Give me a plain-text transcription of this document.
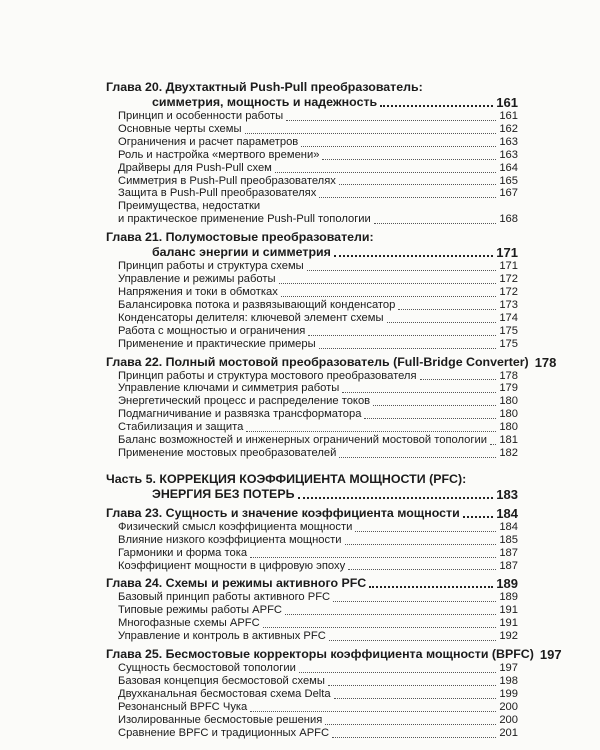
Глава 20. Двухтактный Push-Pull преобразователь:
симметрия, мощность и надежность	161
Принцип и особенности работы	161
Основные черты схемы	162
Ограничения и расчет параметров	163
Роль и настройка «мертвого времени»	163
Драйверы для Push-Pull схем	164
Симметрия в Push-Pull преобразователях	165
Защита в Push-Pull преобразователях	167
Преимущества, недостатки
и практическое применение Push-Pull топологии	168
Глава 21. Полумостовые преобразователи:
баланс энергии и симметрия	171
Принцип работы и структура схемы	171
Управление и режимы работы	172
Напряжения и токи в обмотках	172
Балансировка потока и развязывающий конденсатор	173
Конденсаторы делителя: ключевой элемент схемы	174
Работа с мощностью и ограничения	175
Применение и практические примеры	175
Глава 22. Полный мостовой преобразователь (Full-Bridge Converter) 178
Принцип работы и структура мостового преобразователя	178
Управление ключами и симметрия работы	179
Энергетический процесс и распределение токов	180
Подмагничивание и развязка трансформатора	180
Стабилизация и защита	180
Баланс возможностей и инженерных ограничений мостовой топологии 181
Применение мостовых преобразователей	182
Часть 5. КОРРЕКЦИЯ КОЭФФИЦИЕНТА МОЩНОСТИ (PFC):
ЭНЕРГИЯ БЕЗ ПОТЕРЬ	183
Глава 23. Сущность и значение коэффициента мощности	184
Физический смысл коэффициента мощности	184
Влияние низкого коэффициента мощности	185
Гармоники и форма тока	187
Коэффициент мощности в цифровую эпоху	187
Глава 24. Схемы и режимы активного PFC	189
Базовый принцип работы активного PFC	189
Типовые режимы работы APFC	191
Многофазные схемы APFC	191
Управление и контроль в активных PFC	192
Глава 25. Бесмостовые корректоры коэффициента мощности (BPFC) 197
Сущность бесмостовой топологии	197
Базовая концепция бесмостовой схемы	198
Двухканальная бесмостовая схема Delta	199
Резонансный BPFC Чука	200
Изолированные бесмостовые решения	200
Сравнение BPFC и традиционных APFC	201
